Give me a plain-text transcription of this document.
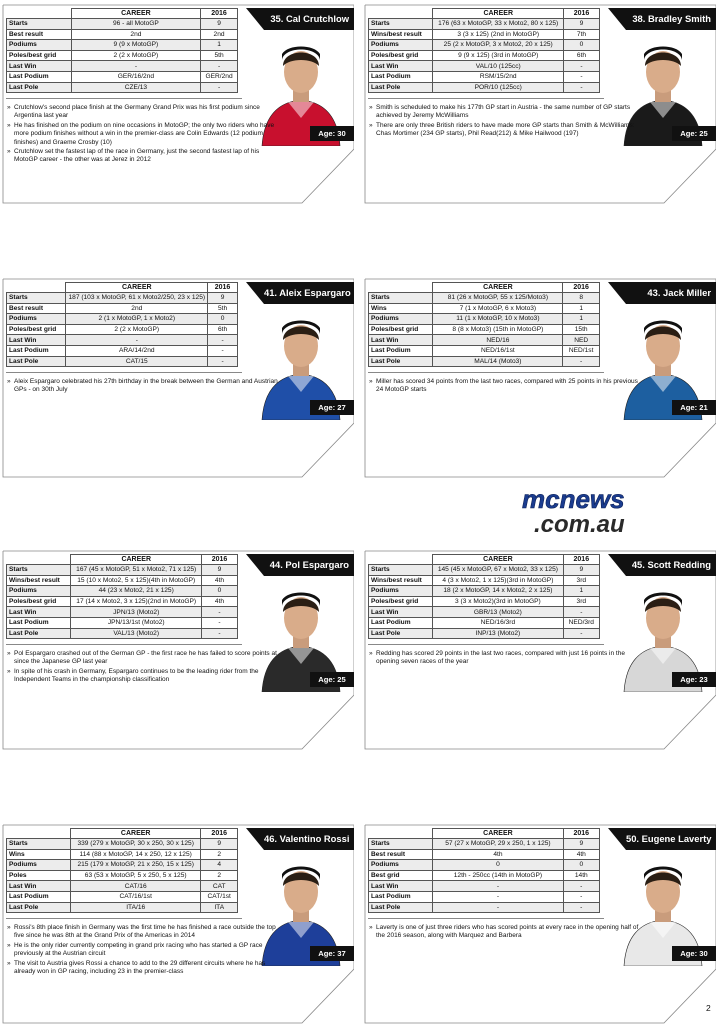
	CAREER	2016
Starts	96 - all MotoGP	9
Best result	2nd	2nd
Podiums	9 (9 x MotoGP)	1
Poles/best grid	2 (2 x MotoGP)	5th
Last Win	-	-
Last Podium	GER/16/2nd	GER/2nd
Last Pole	CZE/13	-
35. Cal Crutchlow
Age: 30
» Crutchlow's second place finish at the Germany Grand Prix was his first podium since Argentina last year
» He has finished on the podium on nine occasions in MotoGP; the only two riders who have more podium finishes without a win in the premier-class are Colin Edwards (12 podium finishes) and Graeme Crosby (10)
» Crutchlow set the fastest lap of the race in Germany, just the second fastest lap of his MotoGP career - the other was at Jerez in 2012
	CAREER	2016
Starts	176 (63 x MotoGP, 33 x Moto2, 80 x 125)	9
Wins/best result	3 (3 x 125) (2nd in MotoGP)	7th
Podiums	25 (2 x MotoGP, 3 x Moto2, 20 x 125)	0
Poles/best grid	9 (9 x 125) (3rd in MotoGP)	6th
Last Win	VAL/10 (125cc)	-
Last Podium	RSM/15/2nd	-
Last Pole	POR/10 (125cc)	-
38. Bradley Smith
Age: 25
» Smith is scheduled to make his 177th GP start in Austria - the same number of GP starts achieved by Jeremy McWilliams
» There are only three British riders to have made more GP starts than Smith & McWilliams: Chas Mortimer (234 GP starts), Phil Read(212) & Mike Hailwood (197)
	CAREER	2016
Starts	187 (103 x MotoGP, 61 x Moto2/250, 23 x 125)	9
Best result	2nd	5th
Podiums	2 (1 x MotoGP, 1 x Moto2)	0
Poles/best grid	2 (2 x MotoGP)	6th
Last Win	-	-
Last Podium	ARA/14/2nd	-
Last Pole	CAT/15	-
41. Aleix Espargaro
Age: 27
» Aleix Espargaro celebrated his 27th birthday in the break between the German and Austrian GPs - on 30th July
	CAREER	2016
Starts	81 (26 x MotoGP, 55 x 125/Moto3)	8
Wins	7 (1 x MotoGP, 6 x Moto3)	1
Podiums	11 (1 x MotoGP, 10 x Moto3)	1
Poles/best grid	8 (8 x Moto3) (15th in MotoGP)	15th
Last Win	NED/16	NED
Last Podium	NED/16/1st	NED/1st
Last Pole	MAL/14 (Moto3)	-
43. Jack Miller
Age: 21
» Miller has scored 34 points from the last two races, compared with 25 points in his previous 24 MotoGP starts
	CAREER	2016
Starts	167 (45 x MotoGP, 51 x Moto2, 71 x 125)	9
Wins/best result	15 (10 x Moto2, 5 x 125)(4th in MotoGP)	4th
Podiums	44 (23 x Moto2, 21 x 125)	0
Poles/best grid	17 (14 x Moto2, 3 x 125)(2nd in MotoGP)	4th
Last Win	JPN/13 (Moto2)	-
Last Podium	JPN/13/1st (Moto2)	-
Last Pole	VAL/13 (Moto2)	-
44. Pol Espargaro
Age: 25
» Pol Espargaro crashed out of the German GP - the first race he has failed to score points at since the Japanese GP last year
» In spite of his crash in Germany, Espargaro continues to be the leading rider from the Independent Teams in the championship classification
	CAREER	2016
Starts	145 (45 x MotoGP, 67 x Moto2, 33 x 125)	9
Wins/best result	4 (3 x Moto2, 1 x 125)(3rd in MotoGP)	3rd
Podiums	18 (2 x MotoGP, 14 x Moto2, 2 x 125)	1
Poles/best grid	3 (3 x Moto2)(3rd in MotoGP)	3rd
Last Win	GBR/13 (Moto2)	-
Last Podium	NED/16/3rd	NED/3rd
Last Pole	INP/13 (Moto2)	-
45. Scott Redding
Age: 23
» Redding has scored 29 points in the last two races, compared with just 16 points in the opening seven races of the year
	CAREER	2016
Starts	339 (279 x MotoGP, 30 x 250, 30 x 125)	9
Wins	114 (88 x MotoGP, 14 x 250, 12 x 125)	2
Podiums	215 (179 x MotoGP, 21 x 250, 15 x 125)	4
Poles	63 (53 x MotoGP, 5 x 250, 5 x 125)	2
Last Win	CAT/16	CAT
Last Podium	CAT/16/1st	CAT/1st
Last Pole	ITA/16	ITA
46. Valentino Rossi
Age: 37
» Rossi's 8th place finish in Germany was the first time he has finished a race outside the top five since he was 8th at the Grand Prix of the Americas in 2014
» He is the only rider currently competing in grand prix racing who has started a GP race previously at the Austrian circuit
» The visit to Austria gives Rossi a chance to add to the 29 different circuits where he has already won in GP racing, including 23 in the premier-class
	CAREER	2016
Starts	57 (27 x MotoGP, 29 x 250, 1 x 125)	9
Best result	4th	4th
Podiums	0	0
Best grid	12th - 250cc (14th in MotoGP)	14th
Last Win	-	-
Last Podium	-	-
Last Pole	-	-
50. Eugene Laverty
Age: 30
» Laverty is one of just three riders who has scored points at every race in the opening half of the 2016 season, along with Marquez and Barbera
mcnews
.com.au
2
